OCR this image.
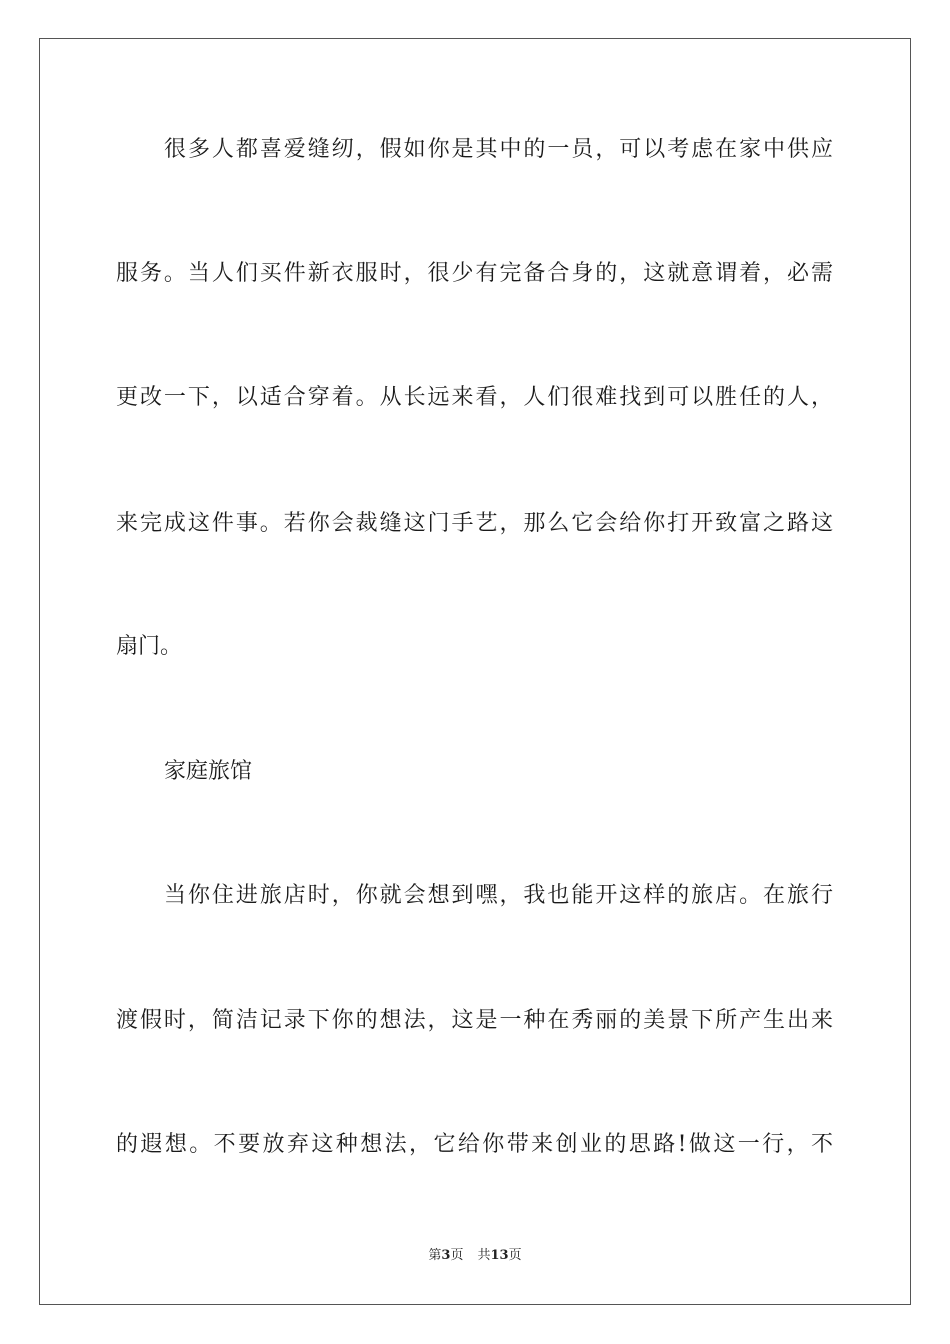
很多人都喜爱缝纫，假如你是其中的一员，可以考虑在家中供应
服务。当人们买件新衣服时，很少有完备合身的，这就意谓着，必需
更改一下，以适合穿着。从长远来看，人们很难找到可以胜任的人，
来完成这件事。若你会裁缝这门手艺，那么它会给你打开致富之路这
扇门。
家庭旅馆
当你住进旅店时，你就会想到嘿，我也能开这样的旅店。在旅行
渡假时，简洁记录下你的想法，这是一种在秀丽的美景下所产生出来
的遐想。不要放弃这种想法，它给你带来创业的思路!做这一行，不
第3页 共13页
